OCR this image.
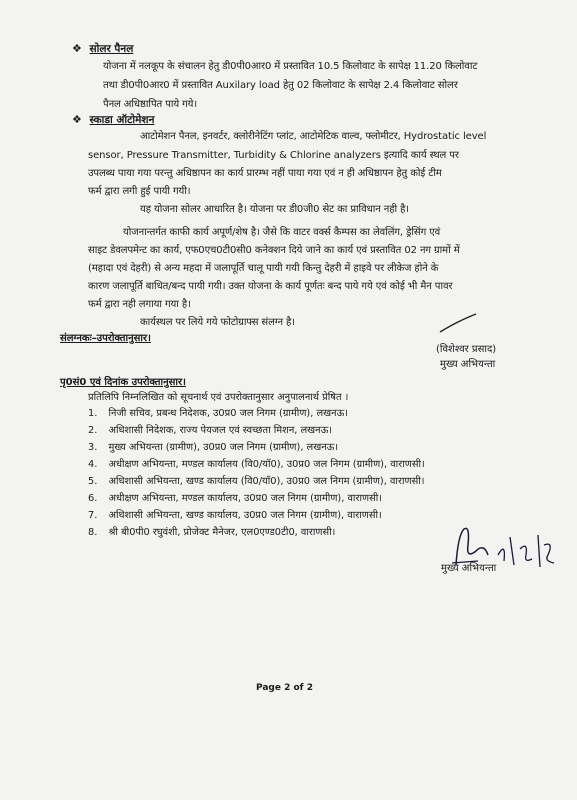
❖ सोलर पैनल
योजना में नलकूप के संचालन हेतु डी0पी0आर0 में प्रस्तावित 10.5 किलोवाट के सापेक्ष 11.20 किलोवाट
तथा डी0पी0आर0 में प्रस्तावित Auxilary load हेतु 02 किलोवाट के सापेक्ष 2.4 किलोवाट सोलर
पैनल अधिष्ठापित पाये गये।
❖ स्काडा ऑटोमेशन
आटोमेशन पैनल, इनवर्टर, क्लोरीनेटिंग प्लांट, आटोमेटिक वाल्व, फ्लोमीटर, Hydrostatic level
sensor, Pressure Transmitter, Turbidity & Chlorine analyzers इत्यादि कार्य स्थल पर
उपलब्ध पाया गया परन्तु अधिष्ठापन का कार्य प्रारम्भ नहीं पाया गया एवं न ही अधिष्ठापन हेतु कोई टीम
फर्म द्वारा लगी हुई पायी गयी।
यह योजना सोलर आधारित है। योजना पर डी0जी0 सेट का प्राविधान नही है।
योजनान्तर्गत काफी कार्य अपूर्ण/शेष है। जैसे कि वाटर वर्क्स कैम्पस का लेवलिंग, ड्रेसिंग एवं
साइट डेवलपमेन्ट का कार्य, एफ0एच0टी0सी0 कनेक्शन दिये जाने का कार्य एवं प्रस्तावित 02 नग ग्रामों में
(महादा एवं देहरी) से अन्य महदा में जलापूर्ति चालू पायी गयी किन्तु देहरी में हाइवे पर लीकेज होने के
कारण जलापूर्ति बाधित/बन्द पायी गयी। उक्त योजना के कार्य पूर्णतः बन्द पाये गये एवं कोई भी मैन पावर
फर्म द्वारा नही लगाया गया है।
कार्यस्थल पर लिये गये फोटोग्राफ्स संलग्न है।
संलग्नकः–उपरोक्तानुसार।
(विशेश्वर प्रसाद)
मुख्य अभियन्ता
पृ0सं0 एवं दिनांक उपरोक्तानुसार।
प्रतिलिपि निम्नलिखित को सूचनार्थ एवं उपरोक्तानुसार अनुपालनार्थ प्रेषित ।
1. निजी सचिव, प्रबन्ध निदेशक, उ0प्र0 जल निगम (ग्रामीण), लखनऊ।
2. अधिशासी निदेशक, राज्य पेयजल एवं स्वच्छता मिशन, लखनऊ।
3. मुख्य अभियन्ता (ग्रामीण), उ0प्र0 जल निगम (ग्रामीण), लखनऊ।
4. अधीक्षण अभियन्ता, मण्डल कार्यालय (वि0/यॉ0), उ0प्र0 जल निगम (ग्रामीण), वाराणसी।
5. अधिशासी अभियन्ता, खण्ड कार्यालय (वि0/यॉ0), उ0प्र0 जल निगम (ग्रामीण), वाराणसी।
6. अधीक्षण अभियन्ता, मण्डल कार्यालय, उ0प्र0 जल निगम (ग्रामीण), वाराणसी।
7. अधिशासी अभियन्ता, खण्ड कार्यालय, उ0प्र0 जल निगम (ग्रामीण), वाराणसी।
8. श्री बी0पी0 रघुवंशी, प्रोजेक्ट मैनेजर, एल0एण्ड0टी0, वाराणसी।
मुख्य अभियन्ता
Page 2 of 2
